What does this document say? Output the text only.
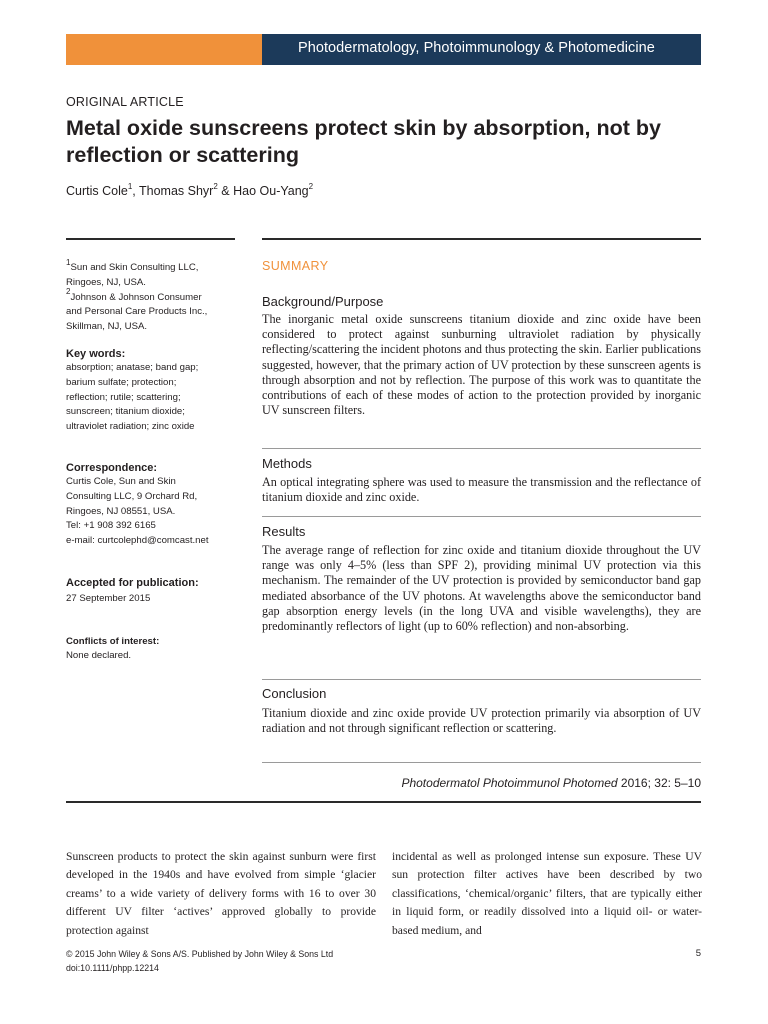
Photodermatology, Photoimmunology & Photomedicine
ORIGINAL ARTICLE
Metal oxide sunscreens protect skin by absorption, not by reflection or scattering
Curtis Cole$^1$, Thomas Shyr$^2$ & Hao Ou-Yang$^2$
$^1$Sun and Skin Consulting LLC,
Ringoes, NJ, USA.
$^2$Johnson & Johnson Consumer
and Personal Care Products Inc.,
Skillman, NJ, USA.
Key words:
absorption; anatase; band gap;
barium sulfate; protection;
reflection; rutile; scattering;
sunscreen; titanium dioxide;
ultraviolet radiation; zinc oxide
Correspondence:
Curtis Cole, Sun and Skin
Consulting LLC, 9 Orchard Rd,
Ringoes, NJ 08551, USA.
Tel: +1 908 392 6165
e-mail: curtcolephd@comcast.net
Accepted for publication:
27 September 2015
Conflicts of interest:
None declared.
SUMMARY
Background/Purpose
The inorganic metal oxide sunscreens titanium dioxide and zinc oxide have been considered to protect against sunburning ultraviolet radiation by physically reflecting/scattering the incident photons and thus protecting the skin. Earlier publications suggested, however, that the primary action of UV protection by these sunscreen agents is through absorption and not by reflection. The purpose of this work was to quantitate the contributions of each of these modes of action to the protection provided by inorganic UV sunscreen filters.
Methods
An optical integrating sphere was used to measure the transmission and the reflectance of titanium dioxide and zinc oxide.
Results
The average range of reflection for zinc oxide and titanium dioxide throughout the UV range was only 4–5% (less than SPF 2), providing minimal UV protection via this mechanism. The remainder of the UV protection is provided by semiconductor band gap mediated absorbance of the UV photons. At wavelengths above the semiconductor band gap absorption energy levels (in the long UVA and visible wavelengths), they are predominantly reflectors of light (up to 60% reflection) and non-absorbing.
Conclusion
Titanium dioxide and zinc oxide provide UV protection primarily via absorption of UV radiation and not through significant reflection or scattering.
Photodermatol Photoimmunol Photomed 2016; 32: 5–10
Sunscreen products to protect the skin against sunburn were first developed in the 1940s and have evolved from simple ‘glacier creams’ to a wide variety of delivery forms with 16 to over 30 different UV filter ‘actives’ approved globally to provide protection against
incidental as well as prolonged intense sun exposure. These UV sun protection filter actives have been described by two classifications, ‘chemical/organic’ filters, that are typically either in liquid form, or readily dissolved into a liquid oil- or water-based medium, and
© 2015 John Wiley & Sons A/S. Published by John Wiley & Sons Ltd
doi:10.1111/phpp.12214
5
